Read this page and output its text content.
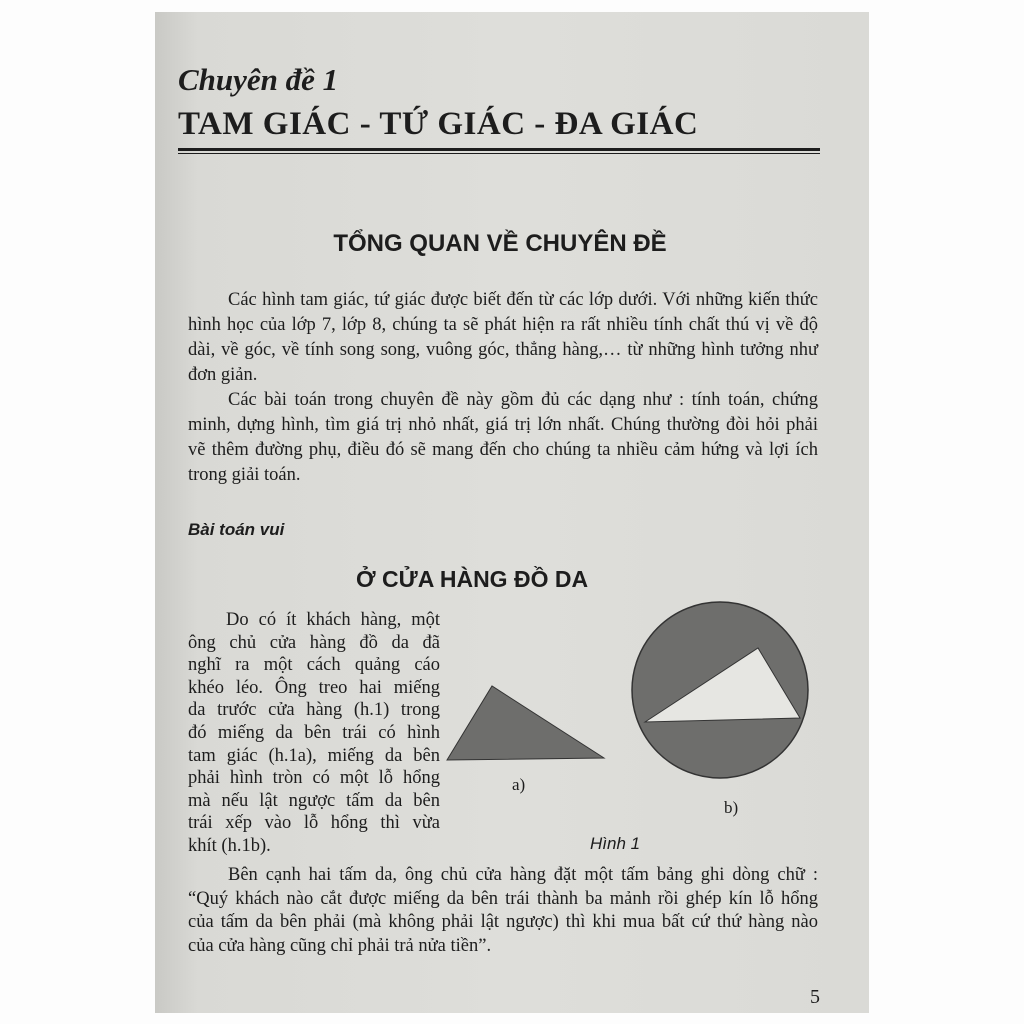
Chuyên đề 1
TAM GIÁC - TỨ GIÁC - ĐA GIÁC
TỔNG QUAN VỀ CHUYÊN ĐỀ
Các hình tam giác, tứ giác được biết đến từ các lớp dưới. Với những kiến thức
hình học của lớp 7, lớp 8, chúng ta sẽ phát hiện ra rất nhiều tính chất thú vị về độ
dài, về góc, về tính song song, vuông góc, thẳng hàng,… từ những hình tưởng như
đơn giản.
Các bài toán trong chuyên đề này gồm đủ các dạng như : tính toán, chứng
minh, dựng hình, tìm giá trị nhỏ nhất, giá trị lớn nhất. Chúng thường đòi hỏi phải
vẽ thêm đường phụ, điều đó sẽ mang đến cho chúng ta nhiều cảm hứng và lợi ích
trong giải toán.
Bài toán vui
Ở CỬA HÀNG ĐỒ DA
Do có ít khách hàng, một
ông chủ cửa hàng đồ da đã
nghĩ ra một cách quảng cáo
khéo léo. Ông treo hai miếng
da trước cửa hàng (h.1) trong
đó miếng da bên trái có hình
tam giác (h.1a), miếng da bên
phải hình tròn có một lỗ hổng
mà nếu lật ngược tấm da bên
trái xếp vào lỗ hổng thì vừa
khít (h.1b).
a)
b)
Hình 1
Bên cạnh hai tấm da, ông chủ cửa hàng đặt một tấm bảng ghi dòng chữ :
“Quý khách nào cắt được miếng da bên trái thành ba mảnh rồi ghép kín lỗ hổng
của tấm da bên phải (mà không phải lật ngược) thì khi mua bất cứ thứ hàng nào
của cửa hàng cũng chỉ phải trả nửa tiền”.
5
